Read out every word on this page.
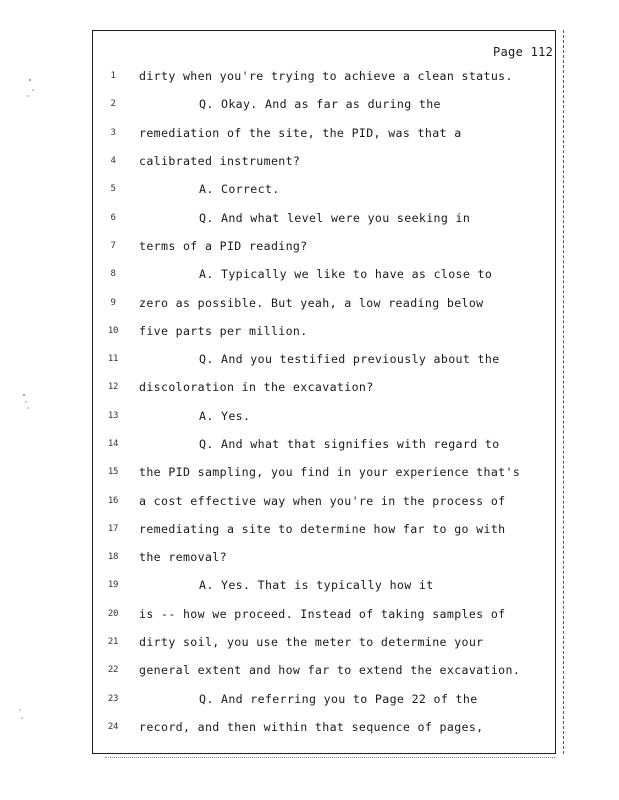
Page 112
1	dirty when you're trying to achieve a clean status.
2	Q. Okay. And as far as during the
3	remediation of the site, the PID, was that a
4	calibrated instrument?
5	A. Correct.
6	Q. And what level were you seeking in
7	terms of a PID reading?
8	A. Typically we like to have as close to
9	zero as possible. But yeah, a low reading below
10	five parts per million.
11	Q. And you testified previously about the
12	discoloration in the excavation?
13	A. Yes.
14	Q. And what that signifies with regard to
15	the PID sampling, you find in your experience that's
16	a cost effective way when you're in the process of
17	remediating a site to determine how far to go with
18	the removal?
19	A. Yes. That is typically how it
20	is -- how we proceed. Instead of taking samples of
21	dirty soil, you use the meter to determine your
22	general extent and how far to extend the excavation.
23	Q. And referring you to Page 22 of the
24	record, and then within that sequence of pages,
